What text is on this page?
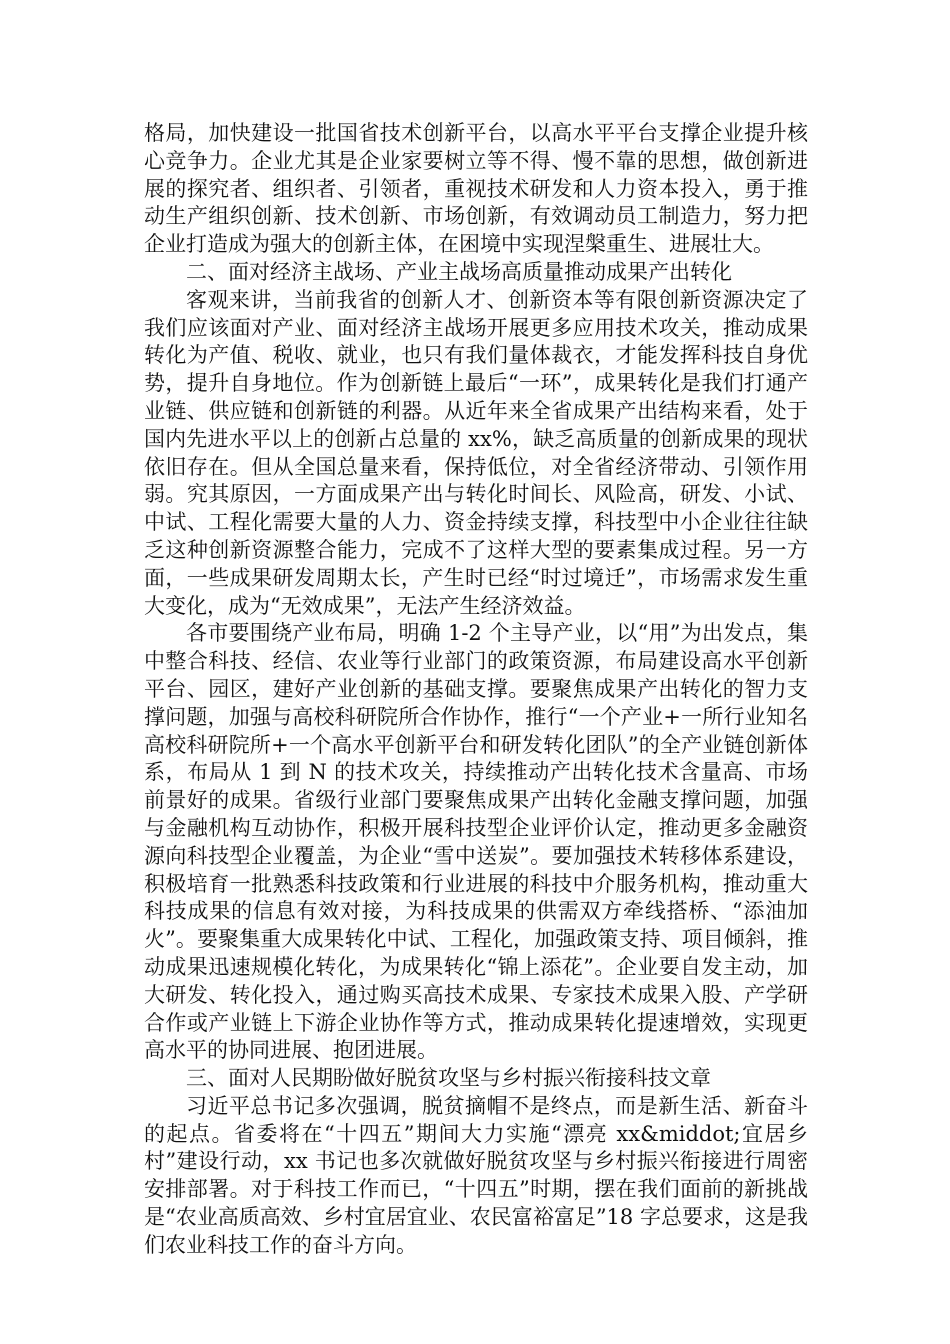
格局，加快建设一批国省技术创新平台，以高水平平台支撑企业提升核心竞争力。企业尤其是企业家要树立等不得、慢不靠的思想，做创新进展的探究者、组织者、引领者，重视技术研发和人力资本投入，勇于推动生产组织创新、技术创新、市场创新，有效调动员工制造力，努力把企业打造成为强大的创新主体，在困境中实现涅槃重生、进展壮大。

二、面对经济主战场、产业主战场高质量推动成果产出转化

客观来讲，当前我省的创新人才、创新资本等有限创新资源决定了我们应该面对产业、面对经济主战场开展更多应用技术攻关，推动成果转化为产值、税收、就业，也只有我们量体裁衣，才能发挥科技自身优势，提升自身地位。作为创新链上最后“一环”，成果转化是我们打通产业链、供应链和创新链的利器。从近年来全省成果产出结构来看，处于国内先进水平以上的创新占总量的 xx%，缺乏高质量的创新成果的现状依旧存在。但从全国总量来看，保持低位，对全省经济带动、引领作用弱。究其原因，一方面成果产出与转化时间长、风险高，研发、小试、中试、工程化需要大量的人力、资金持续支撑，科技型中小企业往往缺乏这种创新资源整合能力，完成不了这样大型的要素集成过程。另一方面，一些成果研发周期太长，产生时已经“时过境迁”，市场需求发生重大变化，成为“无效成果”，无法产生经济效益。

各市要围绕产业布局，明确 1-2 个主导产业，以“用”为出发点，集中整合科技、经信、农业等行业部门的政策资源，布局建设高水平创新平台、园区，建好产业创新的基础支撑。要聚焦成果产出转化的智力支撑问题，加强与高校科研院所合作协作，推行“一个产业+一所行业知名高校科研院所+一个高水平创新平台和研发转化团队”的全产业链创新体系，布局从 1 到 N 的技术攻关，持续推动产出转化技术含量高、市场前景好的成果。省级行业部门要聚焦成果产出转化金融支撑问题，加强与金融机构互动协作，积极开展科技型企业评价认定，推动更多金融资源向科技型企业覆盖，为企业“雪中送炭”。要加强技术转移体系建设，积极培育一批熟悉科技政策和行业进展的科技中介服务机构，推动重大科技成果的信息有效对接，为科技成果的供需双方牵线搭桥、“添油加火”。要聚集重大成果转化中试、工程化，加强政策支持、项目倾斜，推动成果迅速规模化转化，为成果转化“锦上添花”。企业要自发主动，加大研发、转化投入，通过购买高技术成果、专家技术成果入股、产学研合作或产业链上下游企业协作等方式，推动成果转化提速增效，实现更高水平的协同进展、抱团进展。

三、面对人民期盼做好脱贫攻坚与乡村振兴衔接科技文章

习近平总书记多次强调，脱贫摘帽不是终点，而是新生活、新奋斗的起点。省委将在“十四五”期间大力实施“漂亮 xx&middot;宜居乡村”建设行动，xx 书记也多次就做好脱贫攻坚与乡村振兴衔接进行周密安排部署。对于科技工作而已，“十四五”时期，摆在我们面前的新挑战是“农业高质高效、乡村宜居宜业、农民富裕富足”18 字总要求，这是我们农业科技工作的奋斗方向。
